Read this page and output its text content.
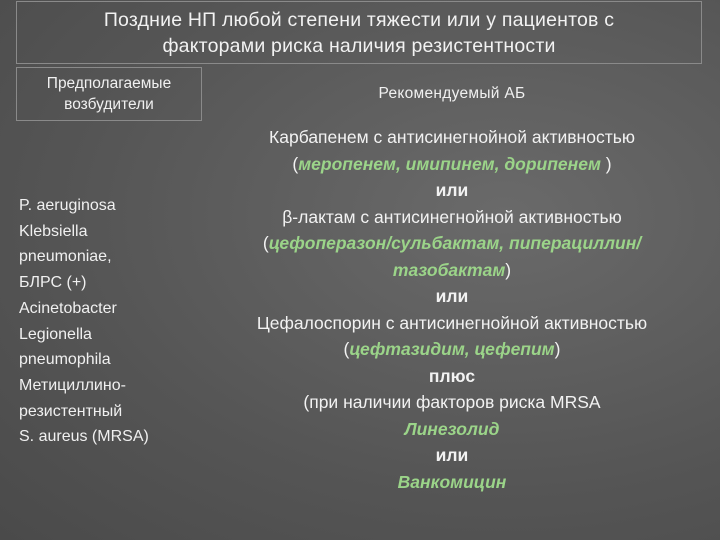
Поздние НП любой степени тяжести или у пациентов с
факторами риска наличия резистентности
Предполагаемые
возбудители
Рекомендуемый АБ
P. aeruginosa
Klebsiella
pneumoniae,
БЛРС (+)
Acinetobacter
Legionella
pneumophila
Метициллино-
резистентный
S. aureus (MRSA)
Карбапенем с антисинегнойной активностью
(меропенем, имипинем, дорипенем )
или
β-лактам с антисинегнойной активностью
(цефоперазон/сульбактам, пиперациллин/
тазобактам)
или
Цефалоспорин с антисинегнойной активностью
(цефтазидим, цефепим)
плюс
(при наличии факторов риска MRSA
Линезолид
или
Ванкомицин
